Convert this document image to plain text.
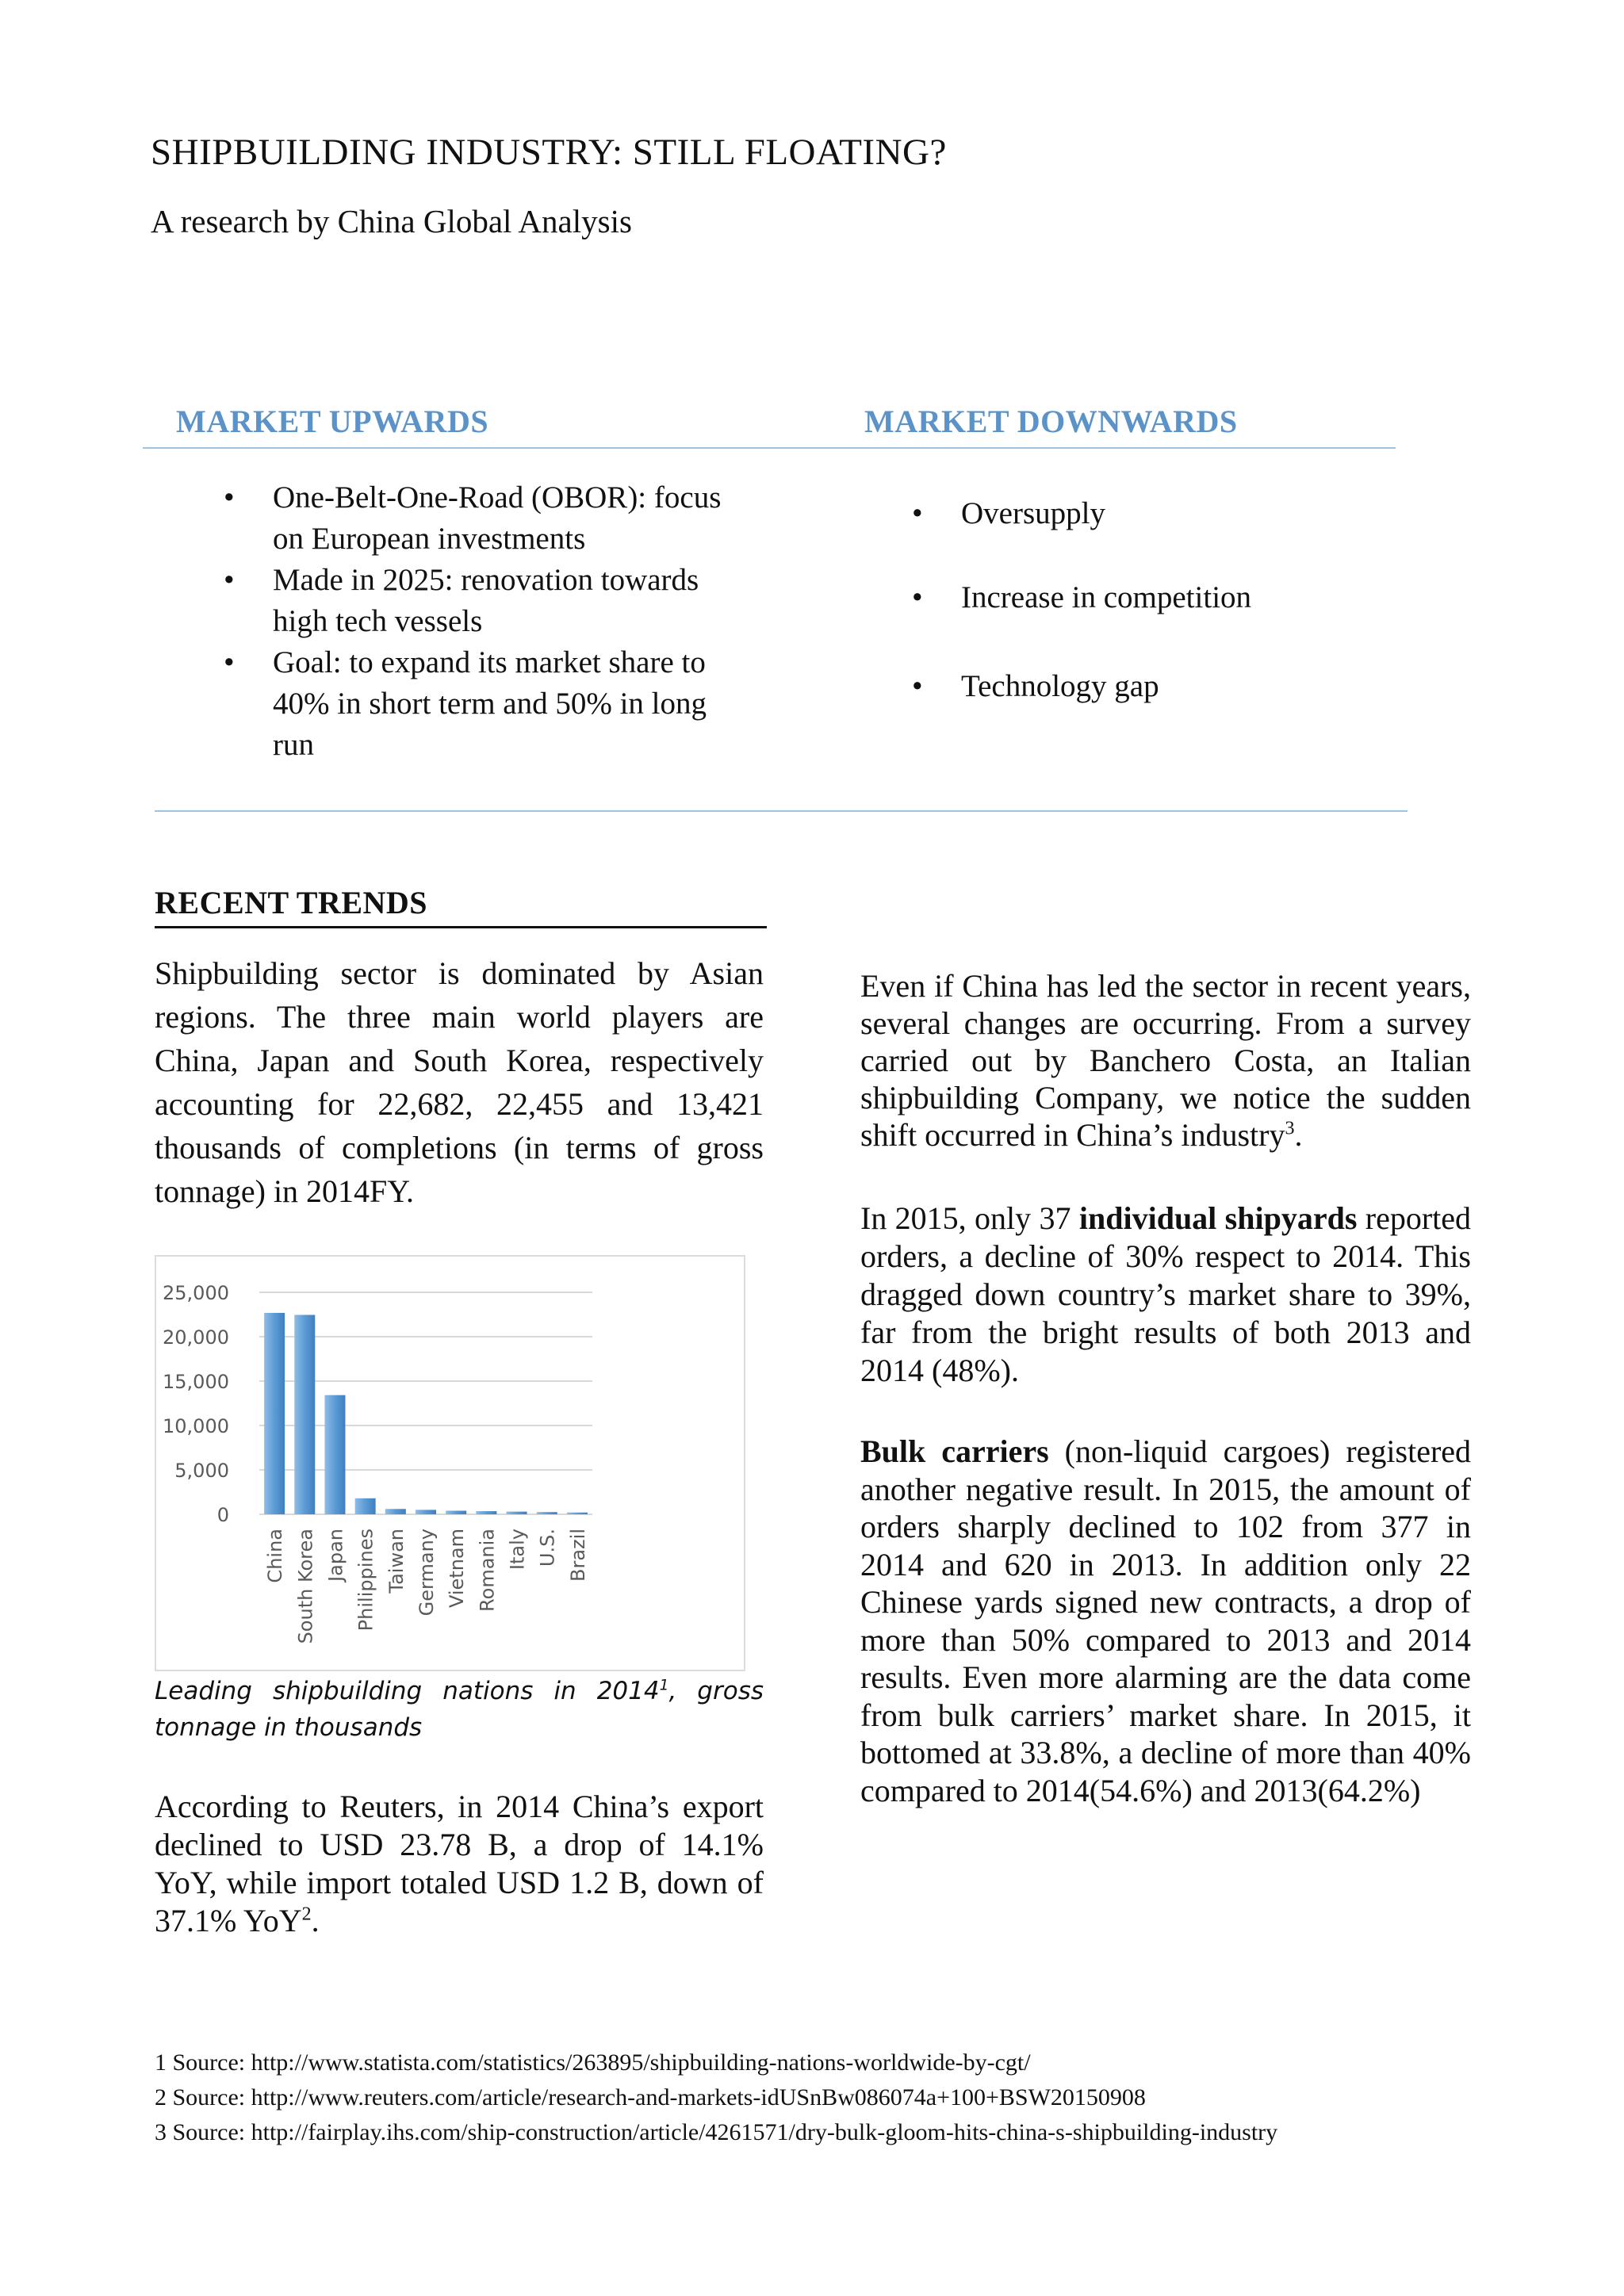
SHIPBUILDING INDUSTRY: STILL FLOATING?
A research by China Global Analysis
MARKET UPWARDS	MARKET DOWNWARDS
• One-Belt-One-Road (OBOR): focus on European investments
• Made in 2025: renovation towards high tech vessels
• Goal: to expand its market share to 40% in short term and 50% in long run
• Oversupply
• Increase in competition
• Technology gap
RECENT TRENDS
Shipbuilding sector is dominated by Asian regions. The three main world players are China, Japan and South Korea, respectively accounting for 22,682, 22,455 and 13,421 thousands of completions (in terms of gross tonnage) in 2014FY.
0
5,000
10,000
15,000
20,000
25,000
China South Korea Japan Philippines Taiwan Germany Vietnam Romania Italy U.S. Brazil
Leading shipbuilding nations in 2014$^1$, gross tonnage in thousands
According to Reuters, in 2014 China’s export declined to USD 23.78 B, a drop of 14.1% YoY, while import totaled USD 1.2 B, down of 37.1% YoY$^2$.
Even if China has led the sector in recent years, several changes are occurring. From a survey carried out by Banchero Costa, an Italian shipbuilding Company, we notice the sudden shift occurred in China’s industry$^3$.
In 2015, only 37 individual shipyards reported orders, a decline of 30% respect to 2014. This dragged down country’s market share to 39%, far from the bright results of both 2013 and 2014 (48%).
Bulk carriers (non-liquid cargoes) registered another negative result. In 2015, the amount of orders sharply declined to 102 from 377 in 2014 and 620 in 2013. In addition only 22 Chinese yards signed new contracts, a drop of more than 50% compared to 2013 and 2014 results. Even more alarming are the data come from bulk carriers’ market share. In 2015, it bottomed at 33.8%, a decline of more than 40% compared to 2014(54.6%) and 2013(64.2%)
1 Source: http://www.statista.com/statistics/263895/shipbuilding-nations-worldwide-by-cgt/
2 Source: http://www.reuters.com/article/research-and-markets-idUSnBw086074a+100+BSW20150908
3 Source: http://fairplay.ihs.com/ship-construction/article/4261571/dry-bulk-gloom-hits-china-s-shipbuilding-industry
